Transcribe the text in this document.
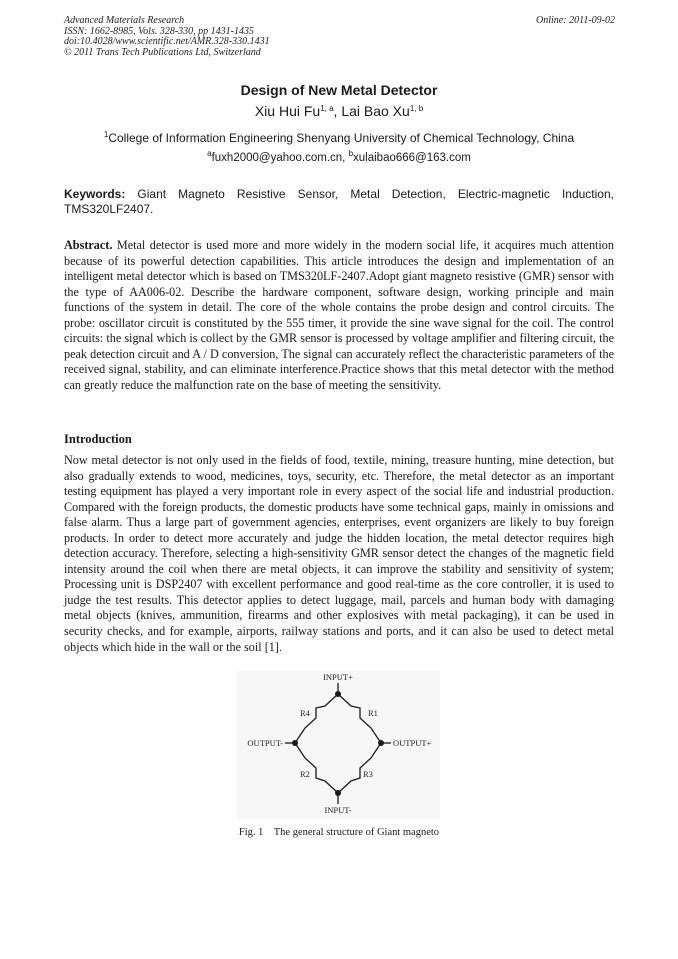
Advanced Materials Research
ISSN: 1662-8985, Vols. 328-330, pp 1431-1435
doi:10.4028/www.scientific.net/AMR.328-330.1431
© 2011 Trans Tech Publications Ltd, Switzerland
Online: 2011-09-02
Design of New Metal Detector
Xiu Hui Fu$^{1, a}$, Lai Bao Xu$^{1, b}$
$^1$College of Information Engineering Shenyang University of Chemical Technology, China
$^a$fuxh2000@yahoo.com.cn, $^b$xulaibao666@163.com
Keywords: Giant Magneto Resistive Sensor, Metal Detection, Electric-magnetic Induction, TMS320LF2407.
Abstract. Metal detector is used more and more widely in the modern social life, it acquires much attention because of its powerful detection capabilities. This article introduces the design and implementation of an intelligent metal detector which is based on TMS320LF-2407.Adopt giant magneto resistive (GMR) sensor with the type of AA006-02. Describe the hardware component, software design, working principle and main functions of the system in detail. The core of the whole contains the probe design and control circuits. The probe: oscillator circuit is constituted by the 555 timer, it provide the sine wave signal for the coil. The control circuits: the signal which is collect by the GMR sensor is processed by voltage amplifier and filtering circuit, the peak detection circuit and A / D conversion, The signal can accurately reflect the characteristic parameters of the received signal, stability, and can eliminate interference.Practice shows that this metal detector with the method can greatly reduce the malfunction rate on the base of meeting the sensitivity.
Introduction
Now metal detector is not only used in the fields of food, textile, mining, treasure hunting, mine detection, but also gradually extends to wood, medicines, toys, security, etc. Therefore, the metal detector as an important testing equipment has played a very important role in every aspect of the social life and industrial production. Compared with the foreign products, the domestic products have some technical gaps, mainly in omissions and false alarm. Thus a large part of government agencies, enterprises, event organizers are likely to buy foreign products. In order to detect more accurately and judge the hidden location, the metal detector requires high detection accuracy. Therefore, selecting a high-sensitivity GMR sensor detect the changes of the magnetic field intensity around the coil when there are metal objects, it can improve the stability and sensitivity of system; Processing unit is DSP2407 with excellent performance and good real-time as the core controller, it is used to judge the test results. This detector applies to detect luggage, mail, parcels and human body with damaging metal objects (knives, ammunition, firearms and other explosives with metal packaging), it can be used in security checks, and for example, airports, railway stations and ports, and it can also be used to detect metal objects which hide in the wall or the soil [1].
INPUT+
INPUT-
OUTPUT-	OUTPUT+
R4	R1
R2	R3
Fig. 1    The general structure of Giant magneto
